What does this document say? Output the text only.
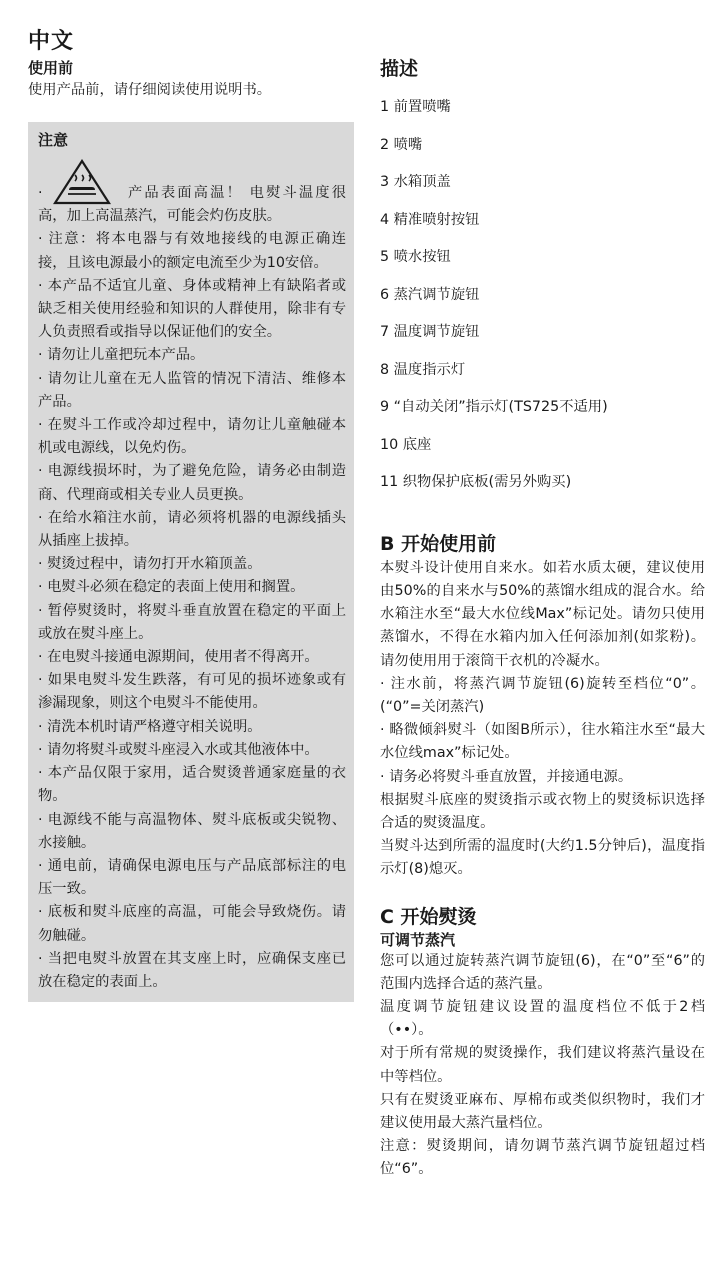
中文
使用前

使用产品前，请仔细阅读使用说明书。

注意
·	产品表面高温！ 电熨斗温度很高，加上高温蒸汽，可能会灼伤皮肤。

· 注意：将本电器与有效地接线的电源正确连接，且该电源最小的额定电流至少为10安倍。

· 本产品不适宜儿童、身体或精神上有缺陷者或缺乏相关使用经验和知识的人群使用，除非有专人负责照看或指导以保证他们的安全。

· 请勿让儿童把玩本产品。

· 请勿让儿童在无人监管的情况下清洁、维修本产品。

· 在熨斗工作或冷却过程中，请勿让儿童触碰本机或电源线，以免灼伤。

· 电源线损坏时，为了避免危险，请务必由制造商、代理商或相关专业人员更换。

· 在给水箱注水前，请必须将机器的电源线插头从插座上拔掉。

· 熨烫过程中，请勿打开水箱顶盖。

· 电熨斗必须在稳定的表面上使用和搁置。

· 暂停熨烫时，将熨斗垂直放置在稳定的平面上或放在熨斗座上。

· 在电熨斗接通电源期间，使用者不得离开。

· 如果电熨斗发生跌落，有可见的损坏迹象或有渗漏现象，则这个电熨斗不能使用。

· 清洗本机时请严格遵守相关说明。

· 请勿将熨斗或熨斗座浸入水或其他液体中。

· 本产品仅限于家用，适合熨烫普通家庭量的衣物。

· 电源线不能与高温物体、熨斗底板或尖锐物、水接触。

· 通电前，请确保电源电压与产品底部标注的电压一致。

· 底板和熨斗底座的高温，可能会导致烧伤。请勿触碰。

· 当把电熨斗放置在其支座上时，应确保支座已放在稳定的表面上。

描述

1 前置喷嘴

2 喷嘴

3 水箱顶盖

4 精准喷射按钮

5 喷水按钮

6 蒸汽调节旋钮

7 温度调节旋钮

8 温度指示灯

9 “自动关闭”指示灯(TS725不适用)

10 底座

11 织物保护底板(需另外购买)

B 开始使用前

本熨斗设计使用自来水。如若水质太硬，建议使用由50%的自来水与50%的蒸馏水组成的混合水。给水箱注水至“最大水位线Max”标记处。请勿只使用蒸馏水，不得在水箱内加入任何添加剂(如浆粉)。请勿使用用于滚筒干衣机的冷凝水。

· 注水前，将蒸汽调节旋钮(6)旋转至档位“0”。(“0”=关闭蒸汽)

· 略微倾斜熨斗（如图B所示），往水箱注水至“最大水位线max”标记处。

· 请务必将熨斗垂直放置，并接通电源。

根据熨斗底座的熨烫指示或衣物上的熨烫标识选择合适的熨烫温度。

当熨斗达到所需的温度时(大约1.5分钟后)，温度指示灯(8)熄灭。

C 开始熨烫
可调节蒸汽

您可以通过旋转蒸汽调节旋钮(6)，在“0”至“6”的范围内选择合适的蒸汽量。

温度调节旋钮建议设置的温度档位不低于2档（••）。

对于所有常规的熨烫操作，我们建议将蒸汽量设在中等档位。

只有在熨烫亚麻布、厚棉布或类似织物时，我们才建议使用最大蒸汽量档位。

注意：熨烫期间，请勿调节蒸汽调节旋钮超过档位“6”。
